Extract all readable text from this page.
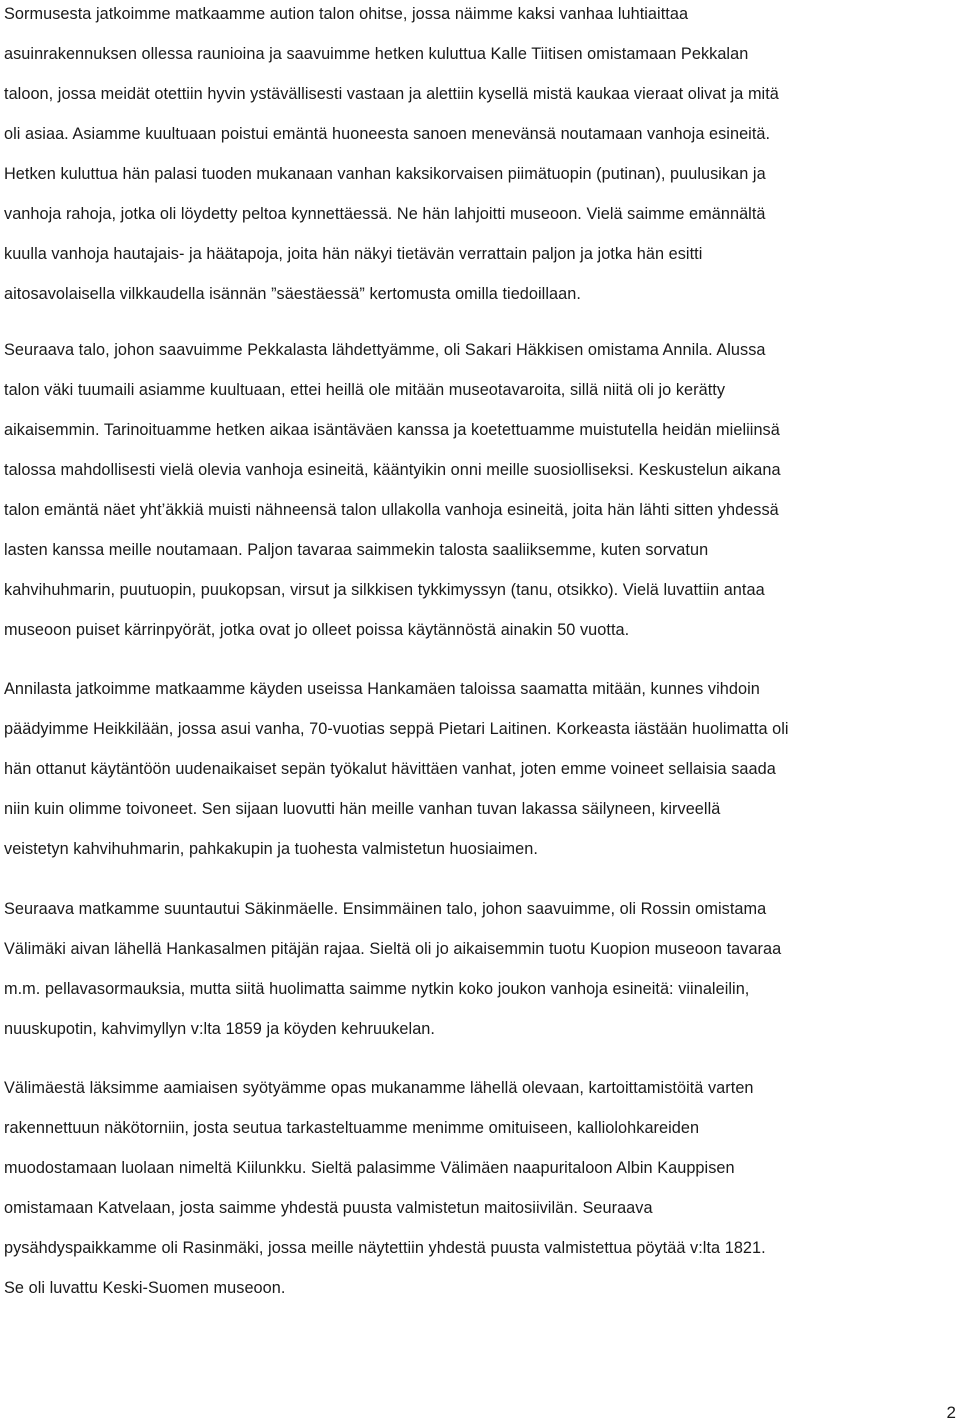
Sormusesta jatkoimme matkaamme aution talon ohitse, jossa näimme kaksi vanhaa luhtiaittaa
asuinrakennuksen ollessa raunioina ja saavuimme hetken kuluttua Kalle Tiitisen omistamaan Pekkalan
taloon, jossa meidät otettiin hyvin ystävällisesti vastaan ja alettiin kysellä mistä kaukaa vieraat olivat ja mitä
oli asiaa. Asiamme kuultuaan poistui emäntä huoneesta sanoen menevänsä noutamaan vanhoja esineitä.
Hetken kuluttua hän palasi tuoden mukanaan vanhan kaksikorvaisen piimätuopin (putinan), puulusikan ja
vanhoja rahoja, jotka oli löydetty peltoa kynnettäessä. Ne hän lahjoitti museoon. Vielä saimme emännältä
kuulla vanhoja hautajais- ja häätapoja, joita hän näkyi tietävän verrattain paljon ja jotka hän esitti
aitosavolaisella vilkkaudella isännän ”säestäessä” kertomusta omilla tiedoillaan.
Seuraava talo, johon saavuimme Pekkalasta lähdettyämme, oli Sakari Häkkisen omistama Annila. Alussa
talon väki tuumaili asiamme kuultuaan, ettei heillä ole mitään museotavaroita, sillä niitä oli jo kerätty
aikaisemmin. Tarinoituamme hetken aikaa isäntäväen kanssa ja koetettuamme muistutella heidän mieliinsä
talossa mahdollisesti vielä olevia vanhoja esineitä, kääntyikin onni meille suosiolliseksi. Keskustelun aikana
talon emäntä näet yht’äkkiä muisti nähneensä talon ullakolla vanhoja esineitä, joita hän lähti sitten yhdessä
lasten kanssa meille noutamaan. Paljon tavaraa saimmekin talosta saaliiksemme, kuten sorvatun
kahvihuhmarin, puutuopin, puukopsan, virsut ja silkkisen tykkimyssyn (tanu, otsikko). Vielä luvattiin antaa
museoon puiset kärrinpyörät, jotka ovat jo olleet poissa käytännöstä ainakin 50 vuotta.
Annilasta jatkoimme matkaamme käyden useissa Hankamäen taloissa saamatta mitään, kunnes vihdoin
päädyimme Heikkilään, jossa asui vanha, 70-vuotias seppä Pietari Laitinen. Korkeasta iästään huolimatta oli
hän ottanut käytäntöön uudenaikaiset sepän työkalut hävittäen vanhat, joten emme voineet sellaisia saada
niin kuin olimme toivoneet. Sen sijaan luovutti hän meille vanhan tuvan lakassa säilyneen, kirveellä
veistetyn kahvihuhmarin, pahkakupin ja tuohesta valmistetun huosiaimen.
Seuraava matkamme suuntautui Säkinmäelle. Ensimmäinen talo, johon saavuimme, oli Rossin omistama
Välimäki aivan lähellä Hankasalmen pitäjän rajaa. Sieltä oli jo aikaisemmin tuotu Kuopion museoon tavaraa
m.m. pellavasormauksia, mutta siitä huolimatta saimme nytkin koko joukon vanhoja esineitä: viinaleilin,
nuuskupotin, kahvimyllyn v:lta 1859 ja köyden kehruukelan.
Välimäestä läksimme aamiaisen syötyämme opas mukanamme lähellä olevaan, kartoittamistöitä varten
rakennettuun näkötorniin, josta seutua tarkasteltuamme menimme omituiseen, kalliolohkareiden
muodostamaan luolaan nimeltä Kiilunkku. Sieltä palasimme Välimäen naapuritaloon Albin Kauppisen
omistamaan Katvelaan, josta saimme yhdestä puusta valmistetun maitosiivilän. Seuraava
pysähdyspaikkamme oli Rasinmäki, jossa meille näytettiin yhdestä puusta valmistettua pöytää v:lta 1821.
Se oli luvattu Keski-Suomen museoon.
2
